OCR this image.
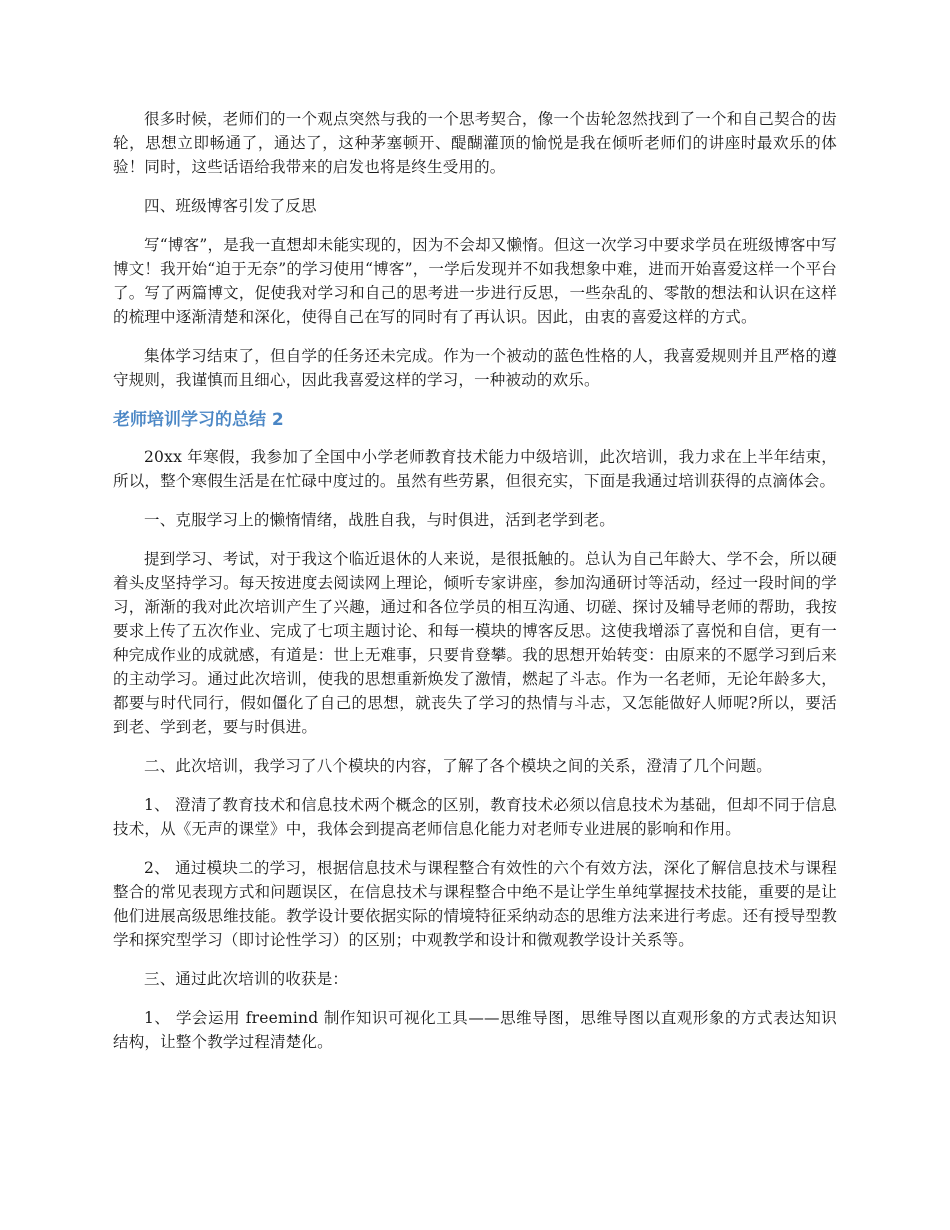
很多时候，老师们的一个观点突然与我的一个思考契合，像一个齿轮忽然找到了一个和自己契合的齿轮，思想立即畅通了，通达了，这种茅塞顿开、醍醐灌顶的愉悦是我在倾听老师们的讲座时最欢乐的体验！同时，这些话语给我带来的启发也将是终生受用的。

四、班级博客引发了反思

写“博客”，是我一直想却未能实现的，因为不会却又懒惰。但这一次学习中要求学员在班级博客中写博文！我开始“迫于无奈”的学习使用“博客”，一学后发现并不如我想象中难，进而开始喜爱这样一个平台了。写了两篇博文，促使我对学习和自己的思考进一步进行反思，一些杂乱的、零散的想法和认识在这样的梳理中逐渐清楚和深化，使得自己在写的同时有了再认识。因此，由衷的喜爱这样的方式。

集体学习结束了，但自学的任务还未完成。作为一个被动的蓝色性格的人，我喜爱规则并且严格的遵守规则，我谨慎而且细心，因此我喜爱这样的学习，一种被动的欢乐。

老师培训学习的总结 2

20xx 年寒假，我参加了全国中小学老师教育技术能力中级培训，此次培训，我力求在上半年结束，所以，整个寒假生活是在忙碌中度过的。虽然有些劳累，但很充实，下面是我通过培训获得的点滴体会。

一、克服学习上的懒惰情绪，战胜自我，与时俱进，活到老学到老。

提到学习、考试，对于我这个临近退休的人来说，是很抵触的。总认为自己年龄大、学不会，所以硬着头皮坚持学习。每天按进度去阅读网上理论，倾听专家讲座，参加沟通研讨等活动，经过一段时间的学习，渐渐的我对此次培训产生了兴趣，通过和各位学员的相互沟通、切磋、探讨及辅导老师的帮助，我按要求上传了五次作业、完成了七项主题讨论、和每一模块的博客反思。这使我增添了喜悦和自信，更有一种完成作业的成就感，有道是：世上无难事，只要肯登攀。我的思想开始转变：由原来的不愿学习到后来的主动学习。通过此次培训，使我的思想重新焕发了激情，燃起了斗志。作为一名老师，无论年龄多大，都要与时代同行，假如僵化了自己的思想，就丧失了学习的热情与斗志，又怎能做好人师呢?所以，要活到老、学到老，要与时俱进。

二、此次培训，我学习了八个模块的内容，了解了各个模块之间的关系，澄清了几个问题。

1、 澄清了教育技术和信息技术两个概念的区别，教育技术必须以信息技术为基础，但却不同于信息技术，从《无声的课堂》中，我体会到提高老师信息化能力对老师专业进展的影响和作用。

2、 通过模块二的学习，根据信息技术与课程整合有效性的六个有效方法，深化了解信息技术与课程整合的常见表现方式和问题误区，在信息技术与课程整合中绝不是让学生单纯掌握技术技能，重要的是让他们进展高级思维技能。教学设计要依据实际的情境特征采纳动态的思维方法来进行考虑。还有授导型教学和探究型学习（即讨论性学习）的区别；中观教学和设计和微观教学设计关系等。

三、通过此次培训的收获是：

1、 学会运用 freemind 制作知识可视化工具——思维导图，思维导图以直观形象的方式表达知识结构，让整个教学过程清楚化。
